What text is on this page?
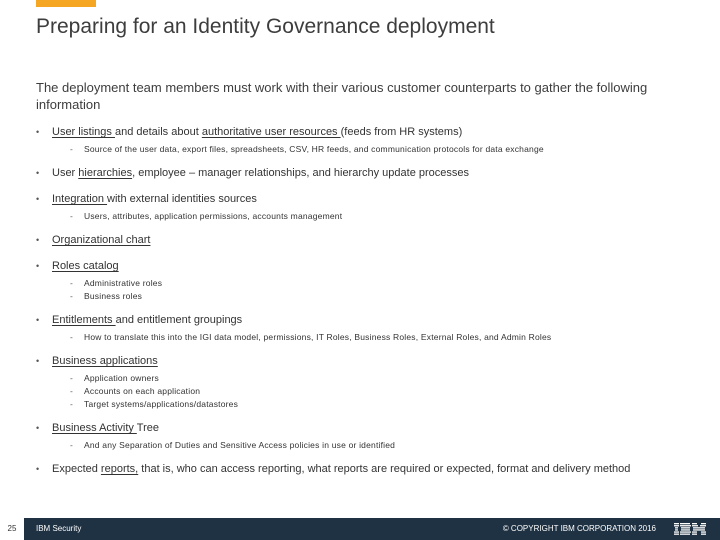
Preparing for an Identity Governance deployment
The deployment team members must work with their various customer counterparts to gather the following information
• User listings and details about authoritative user resources (feeds from HR systems)
- Source of the user data, export files, spreadsheets, CSV, HR feeds, and communication protocols for data exchange
• User hierarchies, employee – manager relationships, and hierarchy update processes
• Integration with external identities sources
- Users, attributes, application permissions, accounts management
• Organizational chart
• Roles catalog
- Administrative roles
- Business roles
• Entitlements and entitlement groupings
- How to translate this into the IGI data model, permissions, IT Roles, Business Roles, External Roles, and Admin Roles
• Business applications
- Application owners
- Accounts on each application
- Target systems/applications/datastores
• Business Activity Tree
- And any Separation of Duties and Sensitive Access policies in use or identified
• Expected reports, that is, who can access reporting, what reports are required or expected, format and delivery method
25	IBM Security	© COPYRIGHT IBM CORPORATION 2016
